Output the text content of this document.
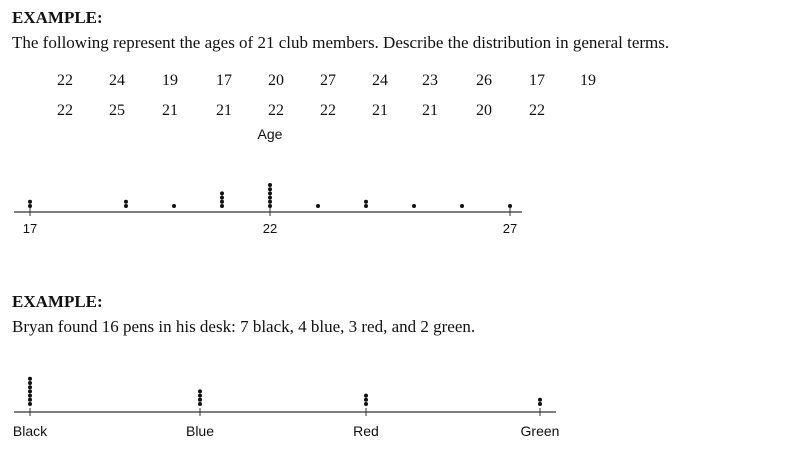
EXAMPLE:
The following represent the ages of 21 club members. Describe the distribution in general terms.
22	24	19	17	20	27	24	23	26	17	19
22	25	21	21	22	22	21	21	20	22
Age
17	22	27
EXAMPLE:
Bryan found 16 pens in his desk: 7 black, 4 blue, 3 red, and 2 green.
Black	Blue	Red	Green
